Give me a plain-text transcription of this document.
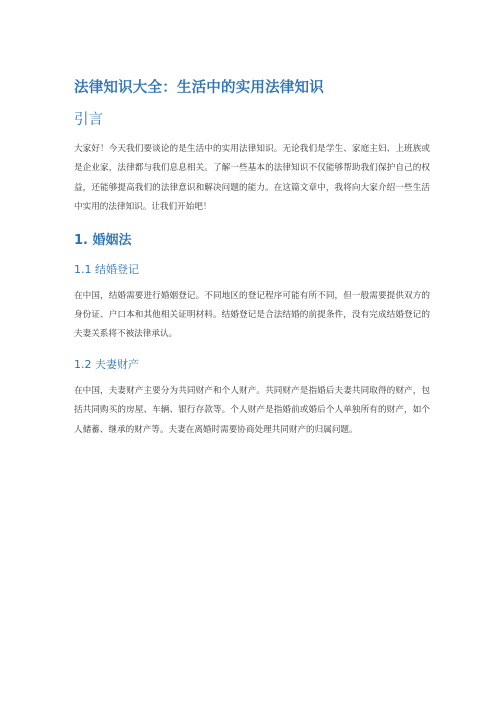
法律知识大全：生活中的实用法律知识
引言

大家好！今天我们要谈论的是生活中的实用法律知识。无论我们是学生、家庭主妇、上班族或是企业家，法律都与我们息息相关。了解一些基本的法律知识不仅能够帮助我们保护自己的权益，还能够提高我们的法律意识和解决问题的能力。在这篇文章中，我将向大家介绍一些生活中实用的法律知识。让我们开始吧！

1. 婚姻法
1.1 结婚登记

在中国，结婚需要进行婚姻登记。不同地区的登记程序可能有所不同，但一般需要提供双方的身份证、户口本和其他相关证明材料。结婚登记是合法结婚的前提条件，没有完成结婚登记的夫妻关系将不被法律承认。

1.2 夫妻财产

在中国，夫妻财产主要分为共同财产和个人财产。共同财产是指婚后夫妻共同取得的财产，包括共同购买的房屋、车辆、银行存款等。个人财产是指婚前或婚后个人单独所有的财产，如个人储蓄、继承的财产等。夫妻在离婚时需要协商处理共同财产的归属问题。
